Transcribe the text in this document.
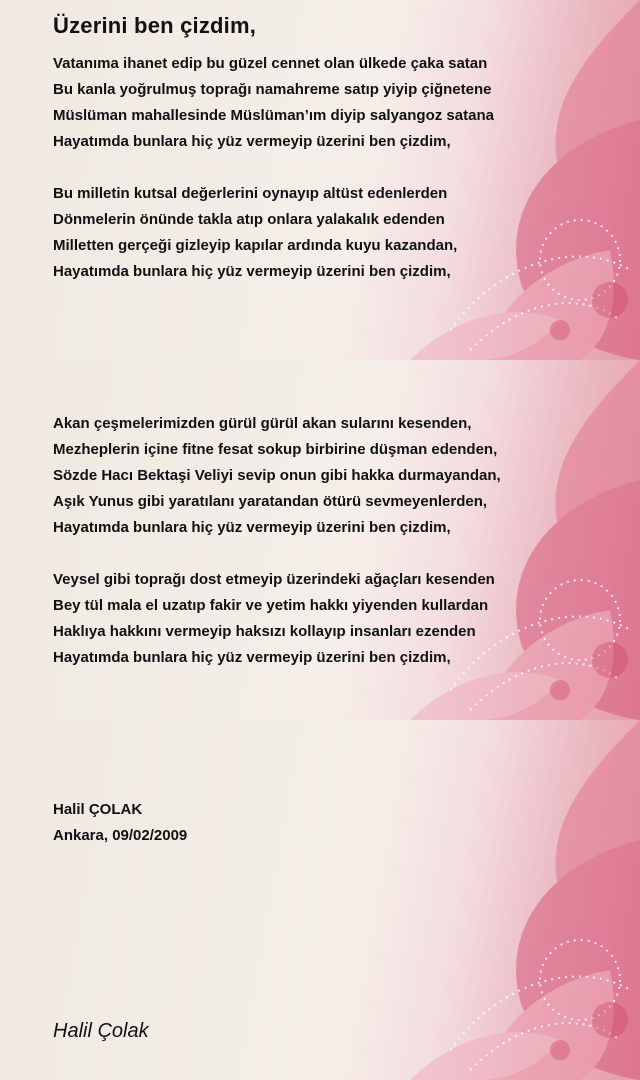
Üzerini ben çizdim,
Vatanıma ihanet edip bu güzel cennet olan ülkede çaka satan
Bu kanla yoğrulmuş toprağı namahreme satıp yiyip çiğnetene
Müslüman mahallesinde Müslüman’ım diyip salyangoz satana
Hayatımda bunlara hiç yüz vermeyip üzerini ben çizdim,
Bu milletin kutsal değerlerini oynayıp altüst edenlerden
Dönmelerin önünde takla atıp onlara yalakalık edenden
Milletten gerçeği gizleyip kapılar ardında kuyu kazandan,
Hayatımda bunlara hiç yüz vermeyip üzerini ben çizdim,
Akan çeşmelerimizden gürül gürül akan sularını kesenden,
Mezheplerin içine fitne fesat sokup birbirine düşman edenden,
Sözde Hacı Bektaşi Veliyi sevip onun gibi hakka durmayandan,
Aşık Yunus gibi yaratılanı yaratandan ötürü sevmeyenlerden,
Hayatımda bunlara hiç yüz vermeyip üzerini ben çizdim,
Veysel gibi toprağı dost etmeyip üzerindeki ağaçları kesenden
Bey tül mala el uzatıp fakir ve yetim hakkı yiyenden kullardan
Haklıya hakkını vermeyip haksızı kollayıp insanları ezenden
Hayatımda bunlara hiç yüz vermeyip üzerini ben çizdim,
Halil ÇOLAK
Ankara, 09/02/2009
Halil Çolak
